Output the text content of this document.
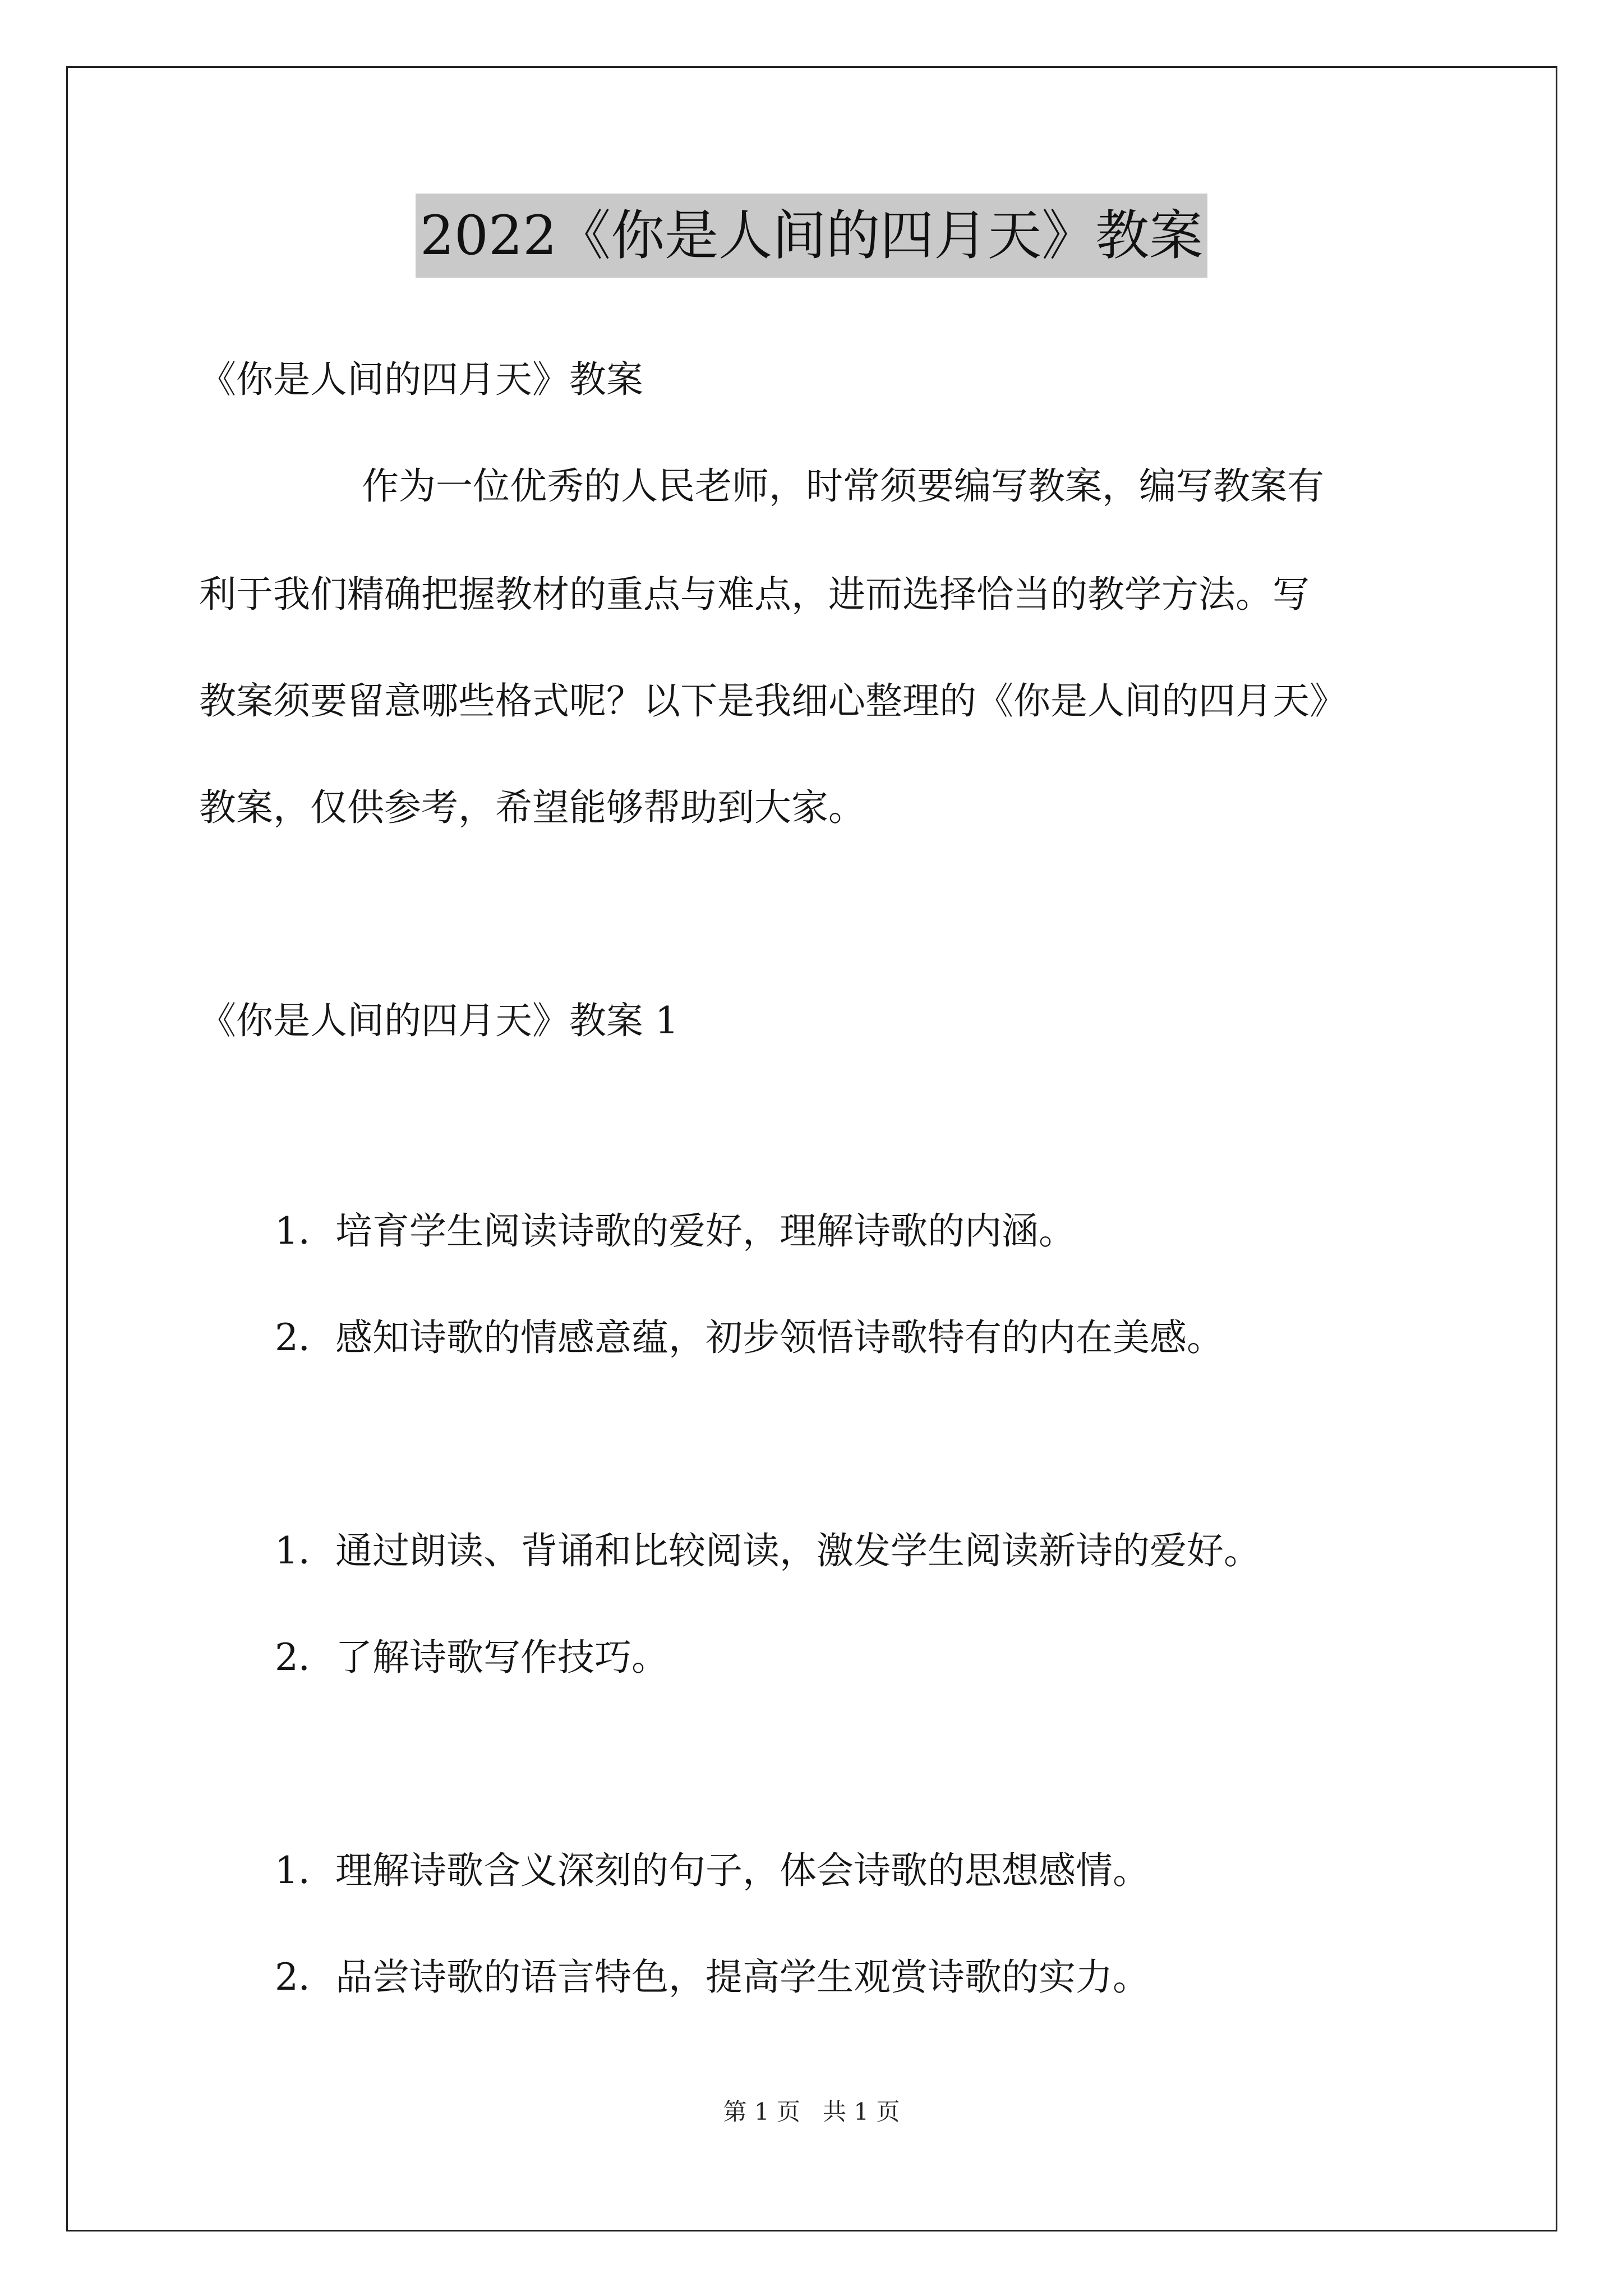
2022《你是人间的四月天》教案
《你是人间的四月天》教案
作为一位优秀的人民老师，时常须要编写教案，编写教案有
利于我们精确把握教材的重点与难点，进而选择恰当的教学方法。写
教案须要留意哪些格式呢？以下是我细心整理的《你是人间的四月天》
教案，仅供参考，希望能够帮助到大家。
《你是人间的四月天》教案 1
1．培育学生阅读诗歌的爱好，理解诗歌的内涵。
2．感知诗歌的情感意蕴，初步领悟诗歌特有的内在美感。
1．通过朗读、背诵和比较阅读，激发学生阅读新诗的爱好。
2．了解诗歌写作技巧。
1．理解诗歌含义深刻的句子，体会诗歌的思想感情。
2．品尝诗歌的语言特色，提高学生观赏诗歌的实力。
第 1 页   共 1 页
